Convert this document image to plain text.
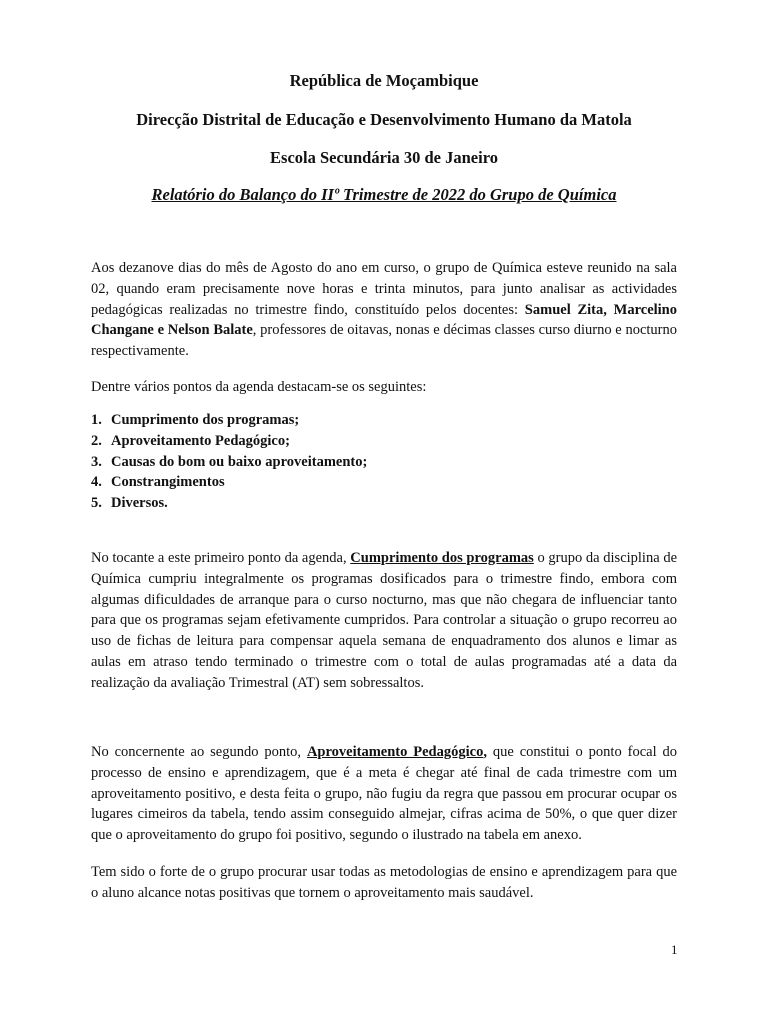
República de Moçambique

Direcção Distrital de Educação e Desenvolvimento Humano da Matola

Escola Secundária 30 de Janeiro

Relatório do Balanço do IIº Trimestre de 2022 do Grupo de Química

Aos dezanove dias do mês de Agosto do ano em curso, o grupo de Química esteve reunido na sala 02, quando eram precisamente nove horas e trinta minutos, para junto analisar as actividades pedagógicas realizadas no trimestre findo, constituído pelos docentes: Samuel Zita, Marcelino Changane e Nelson Balate, professores de oitavas, nonas e décimas classes curso diurno e nocturno respectivamente.

Dentre vários pontos da agenda destacam-se os seguintes:

1. Cumprimento dos programas;
2. Aproveitamento Pedagógico;
3. Causas do bom ou baixo aproveitamento;
4. Constrangimentos
5. Diversos.

No tocante a este primeiro ponto da agenda, Cumprimento dos programas o grupo da disciplina de Química cumpriu integralmente os programas dosificados para o trimestre findo, embora com algumas dificuldades de arranque para o curso nocturno, mas que não chegara de influenciar tanto para que os programas sejam efetivamente cumpridos. Para controlar a situação o grupo recorreu ao uso de fichas de leitura para compensar aquela semana de enquadramento dos alunos e limar as aulas em atraso tendo terminado o trimestre com o total de aulas programadas até a data da realização da avaliação Trimestral (AT) sem sobressaltos.

No concernente ao segundo ponto, Aproveitamento Pedagógico, que constitui o ponto focal do processo de ensino e aprendizagem, que é a meta é chegar até final de cada trimestre com um aproveitamento positivo, e desta feita o grupo, não fugiu da regra que passou em procurar ocupar os lugares cimeiros da tabela, tendo assim conseguido almejar, cifras acima de 50%, o que quer dizer que o aproveitamento do grupo foi positivo, segundo o ilustrado na tabela em anexo.

Tem sido o forte de o grupo procurar usar todas as metodologias de ensino e aprendizagem para que o aluno alcance notas positivas que tornem o aproveitamento mais saudável.

1
